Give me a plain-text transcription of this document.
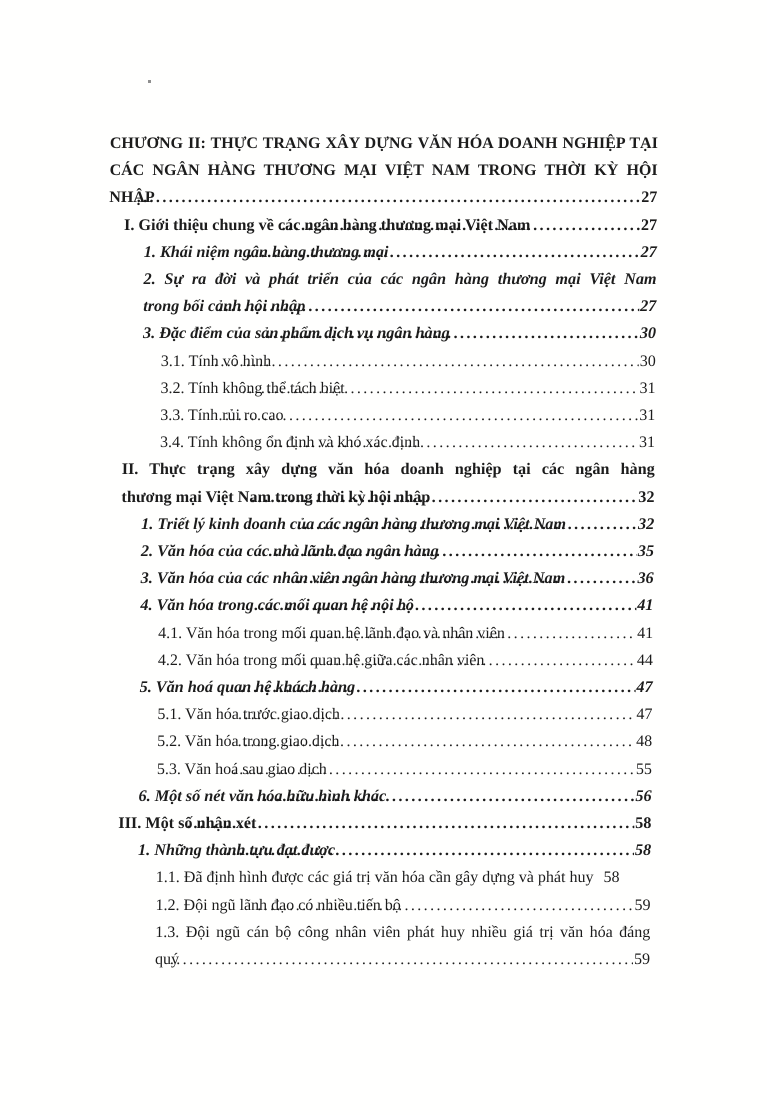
CHƯƠNG II: THỰC TRẠNG XÂY DỰNG VĂN HÓA DOANH NGHIỆP TẠI
CÁC NGÂN HÀNG THƯƠNG MẠI VIỆT NAM TRONG THỜI KỲ HỘI
NHẬP .....	27
I. Giới thiệu chung về các ngân hàng thương mại Việt Nam .....	27
1. Khái niệm ngân hàng thương mại .....	27
2. Sự ra đời và phát triển của các ngân hàng thương mại Việt Nam
trong bối cảnh hội nhập .....	27
3. Đặc điểm của sản phẩm dịch vụ ngân hàng .....	30
3.1. Tính vô hình .....	30
3.2. Tính không thể tách biệt .....	31
3.3. Tính rủi ro cao .....	31
3.4. Tính không ổn định và khó xác định .....	31
II. Thực trạng xây dựng văn hóa doanh nghiệp tại các ngân hàng
thương mại Việt Nam trong thời kỳ hội nhập .....	32
1. Triết lý kinh doanh của các ngân hàng thương mại Việt Nam .....	32
2. Văn hóa của các nhà lãnh đạo ngân hàng .....	35
3. Văn hóa của các nhân viên ngân hàng thương mại Việt Nam .....	36
4. Văn hóa trong các mối quan hệ nội bộ .....	41
4.1. Văn hóa trong mối quan hệ lãnh đạo và nhân viên .....	41
4.2. Văn hóa trong mối quan hệ giữa các nhân viên .....	44
5. Văn hoá quan hệ khách hàng .....	47
5.1. Văn hóa trước giao dịch .....	47
5.2. Văn hóa trong giao dịch .....	48
5.3. Văn hoá sau giao dịch .....	55
6. Một số nét văn hóa hữu hình khác .....	56
III. Một số nhận xét .....	58
1. Những thành tựu đạt được .....	58
1.1. Đã định hình được các giá trị văn hóa cần gây dựng và phát huy 58
1.2. Đội ngũ lãnh đạo có nhiều tiến bộ .....	59
1.3. Đội ngũ cán bộ công nhân viên phát huy nhiều giá trị văn hóa đáng
quý .....	59
